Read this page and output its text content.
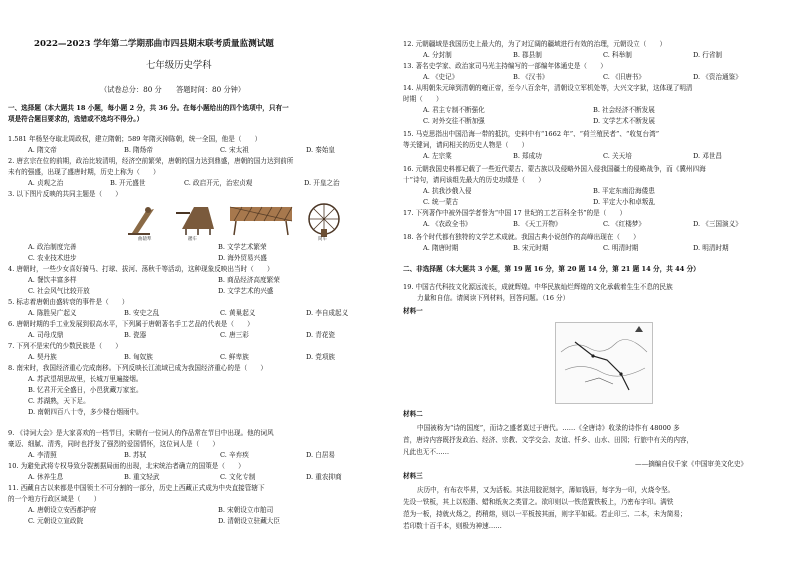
2022—2023 学年第二学期那曲市四县期末联考质量监测试题
七年级历史学科
（试卷总分：80 分　　答题时间：80 分钟）
一、选择题（本大题共 18 小题，每小题 2 分，共 36 分。在每小题给出的四个选项中，只有一
项是符合题目要求的，选错或不选均不得分。）
1.581 年杨坚夺取北周政权，建立隋朝；589 年隋灭掉陈朝，统一全国，他是（　　）
A. 隋文帝	B. 隋炀帝	C. 宋太祖	D. 秦始皇
2. 唐玄宗在位的前期，政治比较清明，经济空前繁荣，唐朝的国力达到鼎盛，唐朝的国力达到前所
未有的强盛，出现了盛唐时期，历史上称为（　　）
A. 贞观之治	B. 开元盛世	C. 政启开元，治宏贞观	D. 开皇之治
3. 以下图片反映的共同主题是（　　）
曲辕犁	耧车	筒车
A. 政治制度完善	B. 文学艺术繁荣
C. 农业技术进步	D. 海外贸易兴盛
4. 唐朝时，一些少女喜好骑马、打球、拔河、荡秋千等活动，这种现象反映出当时（　　）
A. 餐饮丰富多样	B. 商品经济高度繁荣
C. 社会风气比较开放	D. 文学艺术的兴盛
5. 标志着唐朝由盛转衰的事件是（　　）
A. 陈胜吴广起义	B. 安史之乱	C. 黄巢起义	D. 李自成起义
6. 唐朝时期的手工业发展到很高水平，下列属于唐朝著名手工艺品的代表是（　　）
A. 司母戊鼎	B. 瓷器	C. 唐三彩	D. 青花瓷
7. 下列不是宋代的少数民族是（　　）
A. 契丹族	B. 匈奴族	C. 鲜卑族	D. 党项族
8. 南宋时，我国经济重心完成南移。下列反映长江流域已成为我国经济重心的是（　　）
A. 苏武望胡思故里，长城万里遍接烟。
B. 忆君开元全盛日，小邑犹藏万家室。
C. 苏湖熟，天下足。
D. 南朝四百八十寺，多少楼台烟雨中。
9. 《诗词大会》是大家喜欢的一档节目，宋朝有一位词人的作品常在节目中出现。他的词风
豪迈、细腻、清秀，同时也抒发了强烈的爱国情怀，这位词人是（　　）
A. 李清照	B. 苏轼	C. 辛弃疾	D. 白居易
10. 为避免武将专权导致分裂割据局面的出现，北宋统治者确立的国策是（　　）
A. 休养生息	B. 重文轻武	C. 文化专制	D. 重农抑商
11. 西藏自古以来都是中国领土不可分割的一部分，历史上西藏正式成为中央直接管辖下
的一个地方行政区域是（　　）
A. 唐朝设立安西都护府	B. 宋朝设立市舶司
C. 元朝设立宣政院	D. 清朝设立驻藏大臣
12. 元朝疆域是我国历史上最大的，为了对辽阔的疆域进行有效的治理，元朝设立（　　）
A. 分封制	B. 郡县制	C. 科举制	D. 行省制
13. 著名史学家、政治家司马光主持编写的一部编年体通史是（　　）
A. 《史记》	B. 《汉书》	C. 《旧唐书》	D. 《资治通鉴》
14. 从明朝朱元璋到清朝的雍正帝，至今八百余年，清朝设立军机处等，大兴文字狱，这体现了明清
时期（　　）
A. 君主专制不断强化	B. 社会经济不断发展
C. 对外交往不断加强	D. 文学艺术不断发展
15. 马克思指出中国沿海一带的抵抗，史料中有“1662 年”、“荷兰殖民者”、“收复台湾”
等关键词，请问相关的历史人物是（　　）
A. 左宗棠	B. 郑成功	C. 关天培	D. 邓世昌
16. 元朝我国史料都记载了一些近代蒙古、蒙古族以及侵略外国入侵我国疆土的侵略战争，而《冀州四海
十”诗句，请问该组先最大的历史功绩是（　　）
A. 抗我沙俄入侵	B. 平定东南沿海倭患
C. 统一蒙古	D. 平定大小和卓叛乱
17. 下列著作中被外国学者誉为“中国 17 世纪的工艺百科全书”的是（　　）
A. 《农政全书》	B. 《天工开物》	C. 《红楼梦》	D. 《三国演义》
18. 各个时代都有独特的文学艺术成就。我国古典小说创作的高峰出现在（　　）
A. 隋唐时期	B. 宋元时期	C. 明清时期	D. 明清时期
二、非选择题（本大题共 3 小题，第 19 题 16 分，第 20 题 14 分，第 21 题 14 分，共 44 分）
19. 中国古代科技文化源远流长，成就辉煌。中华民族灿烂辉煌的文化承载着生生不息的民族
力量和自信。请阅读下列材料，回答问题。（16 分）
材料一
材料二
中国被称为“诗的国度”，而诗之盛者莫过于唐代。……《全唐诗》收录的诗作有 48000 多
首，唐诗内容既抒发政治、经济、宗教、文学交会、友谊、忏乡、山水、田园；行旅中有关的内容，
凡此也无不……
——摘编自仪千家《中国审美文化史》
材料三
庆历中，有布衣毕昇，又为活板。其法用胶泥刻字，薄如钱唇，每字为一印，火烧令坚。
先设一铁板，其上以松脂、蜡和纸灰之类冒之。欲印则以一铁范置铁板上，乃密布字印。满铁
范为一板，持就火炀之，药稍熔，则以一平板按其面，则字平如砥。若止印三、二本，未为简易；
若印数十百千本，则极为神速……
